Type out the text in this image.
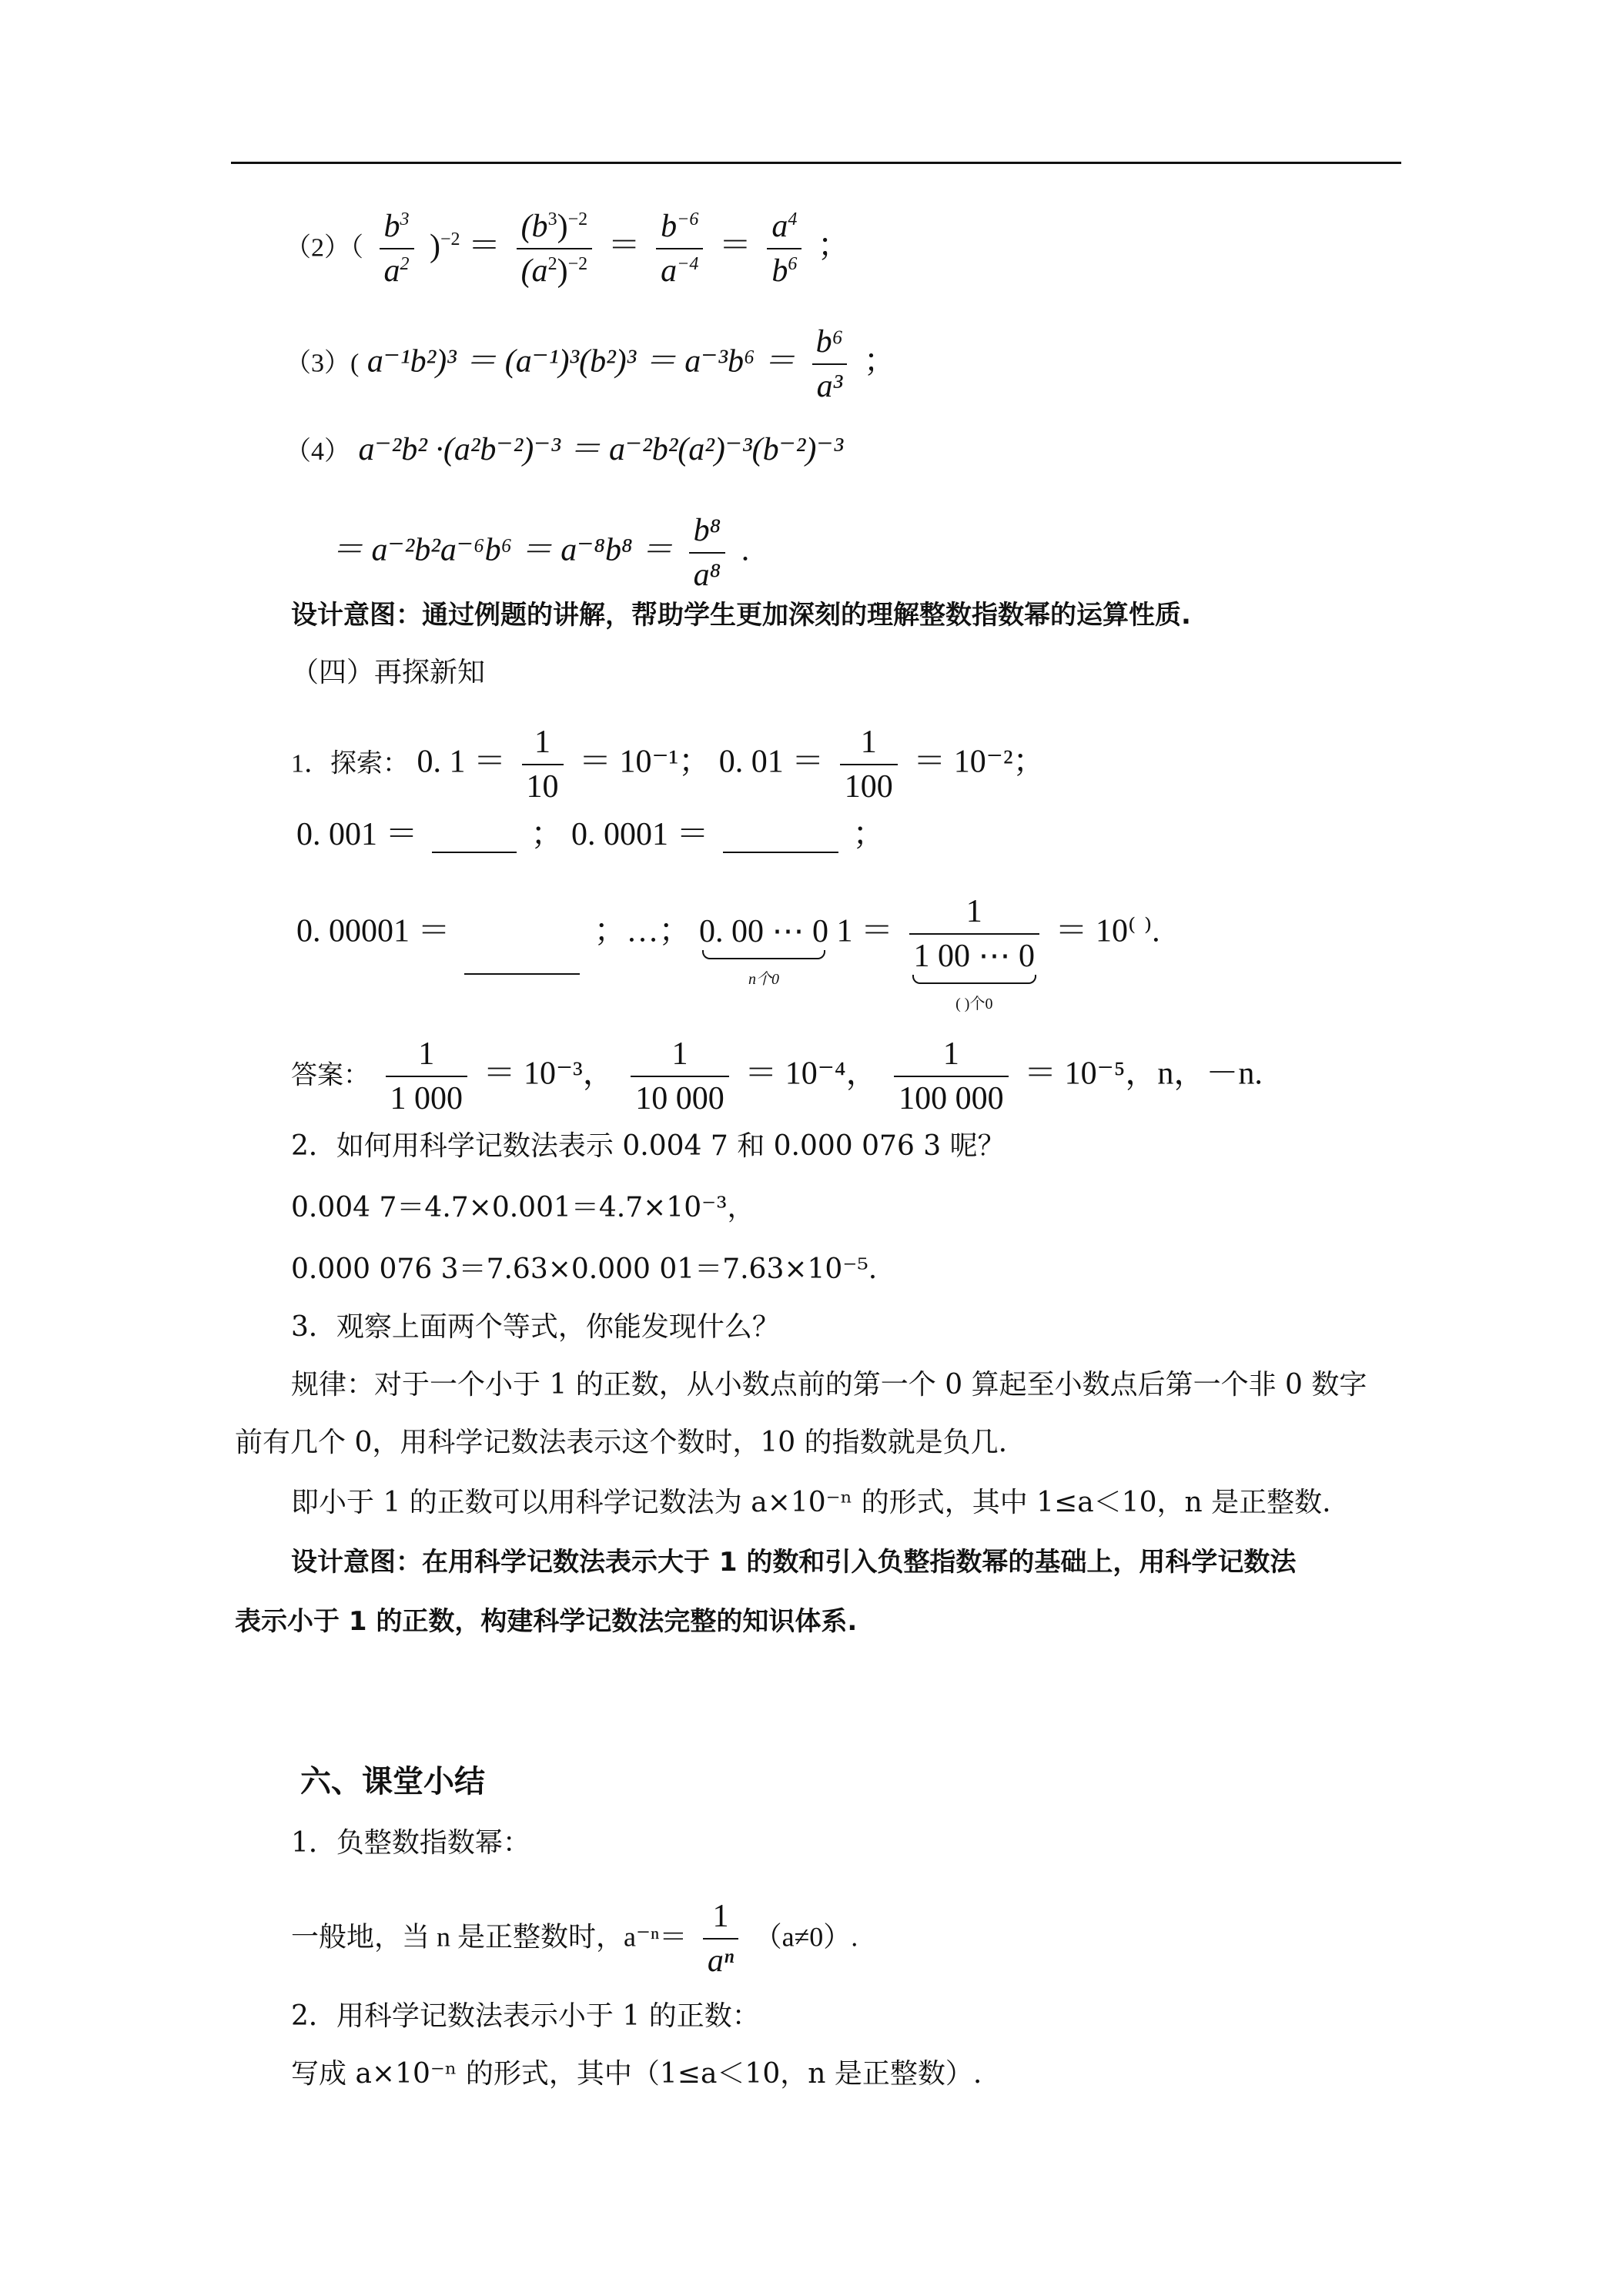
$(2)( \frac{b^3}{a^2} )^{-2} = \frac{(b^3)^{-2}}{(a^2)^{-2}} = \frac{b^{-6}}{a^{-4}} = \frac{a^4}{b^6}$ ；
（3）( $a^{-1}b^2)^3 = (a^{-1})^3(b^2)^3 = a^{-3}b^6 = \frac{\text{b⁶}}{\text{a³}}$ ；
（4） a⁻²b² ·(a²b⁻²)⁻³ ＝ a⁻²b²(a²)⁻³(b⁻²)⁻³
＝ $a^{-2}b^2a^{-6}b^6 = a^{-8}b^8 = \frac{\text{b⁸}}{\text{a⁸}}$ .
设计意图：通过例题的讲解，帮助学生更加深刻的理解整数指数幂的运算性质.
（四）再探新知
1．探索： 0. $1 = \frac{1}{10} = 10^{-1}$； 0. $01 = \frac{1}{100} = 10^{-2}$；
0. 001 ＝	； 0. 0001 ＝	；
0. 00001 ＝	；…； 0. 00 ⋯ 0
n个0
1 ＝ 1
1 00 ⋯ 0
( )个0 ＝ 10⁽ ⁾.
答案： $\frac{1}{1 000} = 10^{-3}$， $\frac{1}{10 000} = 10^{-4}$， $\frac{1}{100 000} = 10^{-5}$，n，－n.
2．如何用科学记数法表示 0.004 7 和 0.000 076 3 呢？
0.004 7＝4.7×0.001＝4.7×10⁻³，
0.000 076 3＝7.63×0.000 01＝7.63×10⁻⁵.
3．观察上面两个等式，你能发现什么？
规律：对于一个小于 1 的正数，从小数点前的第一个 0 算起至小数点后第一个非 0 数字
前有几个 0，用科学记数法表示这个数时，10 的指数就是负几.
即小于 1 的正数可以用科学记数法为 a×10⁻ⁿ 的形式，其中 1≤a＜10，n 是正整数.
设计意图：在用科学记数法表示大于 1 的数和引入负整指数幂的基础上，用科学记数法
表示小于 1 的正数，构建科学记数法完整的知识体系.
六、课堂小结
1．负整数指数幂：
一般地，当 n 是正整数时，$a^{-n}= \frac{1}{\text{aⁿ}} (a\ne 0)$.
2．用科学记数法表示小于 1 的正数：
写成 a×10⁻ⁿ 的形式，其中（1≤a＜10，n 是正整数）.
